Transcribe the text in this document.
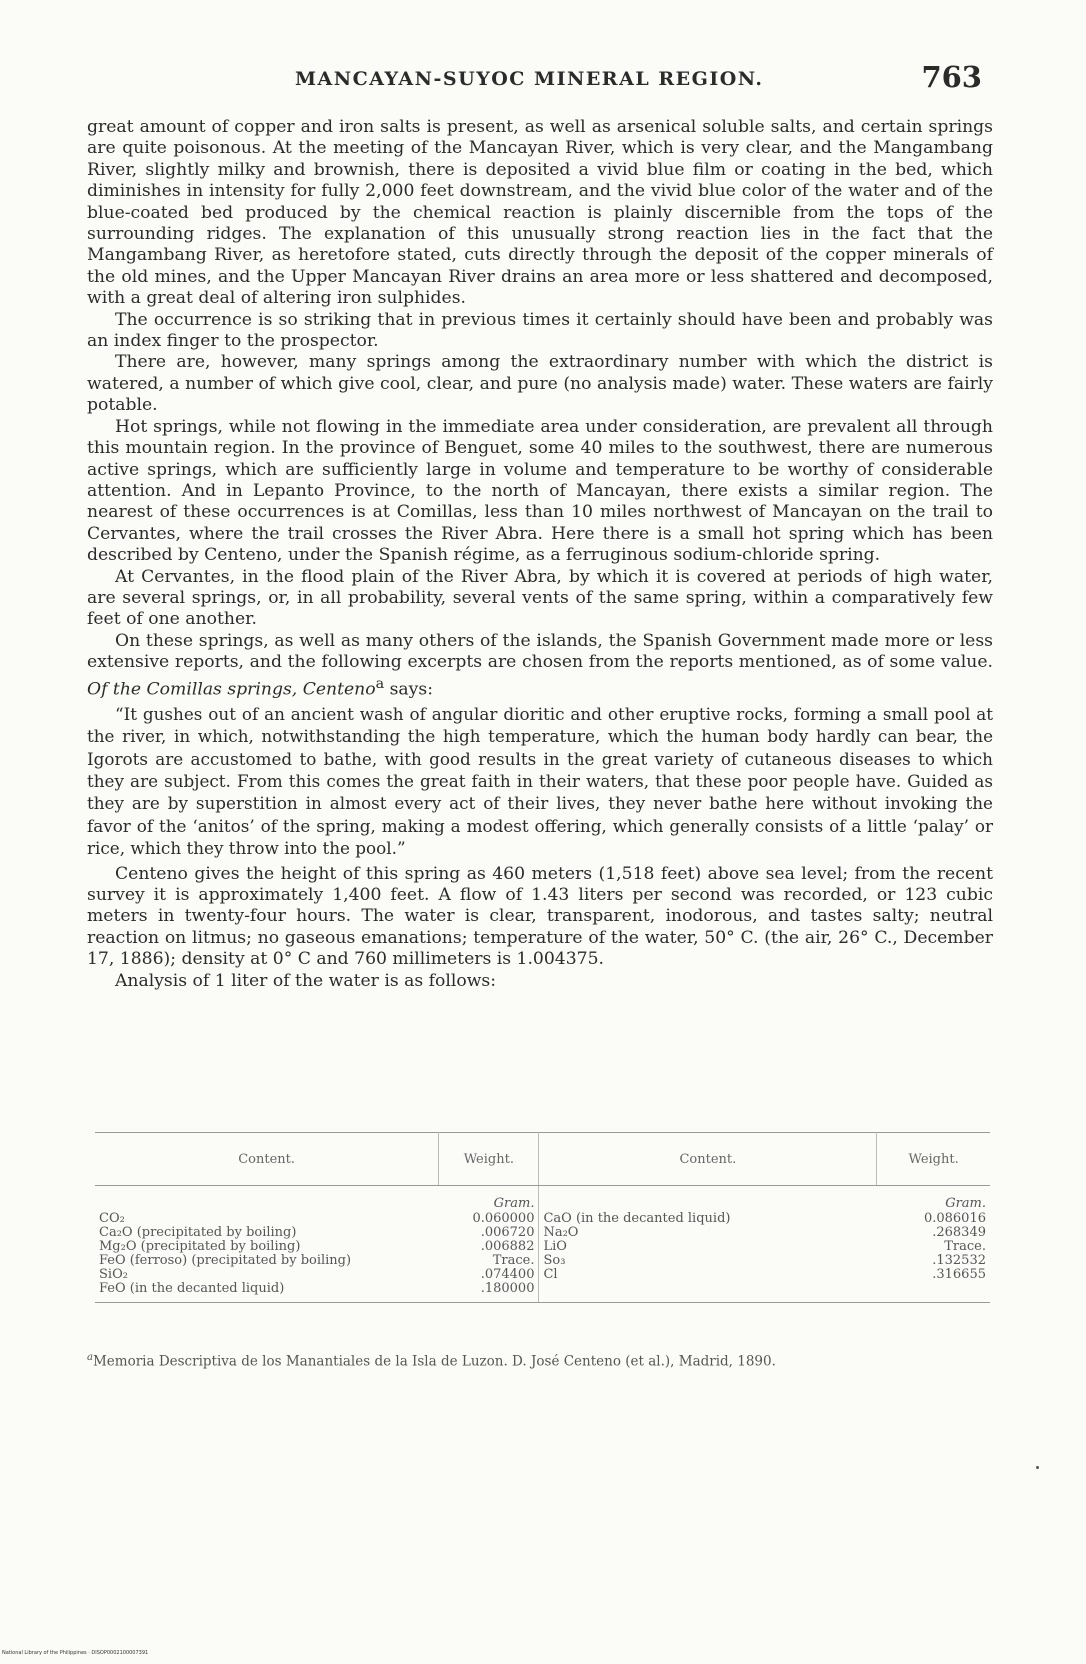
MANCAYAN-SUYOC MINERAL REGION.	763

great amount of copper and iron salts is present, as well as arsenical soluble salts, and certain springs are quite poisonous. At the meeting of the Mancayan River, which is very clear, and the Mangambang River, slightly milky and brownish, there is deposited a vivid blue film or coating in the bed, which diminishes in intensity for fully 2,000 feet downstream, and the vivid blue color of the water and of the blue-coated bed produced by the chemical reaction is plainly discernible from the tops of the surrounding ridges. The explanation of this unusually strong reaction lies in the fact that the Mangambang River, as heretofore stated, cuts directly through the deposit of the copper minerals of the old mines, and the Upper Mancayan River drains an area more or less shattered and decomposed, with a great deal of altering iron sulphides.

The occurrence is so striking that in previous times it certainly should have been and probably was an index finger to the prospector.

There are, however, many springs among the extraordinary number with which the district is watered, a number of which give cool, clear, and pure (no analysis made) water. These waters are fairly potable.

Hot springs, while not flowing in the immediate area under consideration, are prevalent all through this mountain region. In the province of Benguet, some 40 miles to the southwest, there are numerous active springs, which are sufficiently large in volume and temperature to be worthy of considerable attention. And in Lepanto Province, to the north of Mancayan, there exists a similar region. The nearest of these occurrences is at Comillas, less than 10 miles northwest of Mancayan on the trail to Cervantes, where the trail crosses the River Abra. Here there is a small hot spring which has been described by Centeno, under the Spanish régime, as a ferruginous sodium-chloride spring.

At Cervantes, in the flood plain of the River Abra, by which it is covered at periods of high water, are several springs, or, in all probability, several vents of the same spring, within a comparatively few feet of one another.

On these springs, as well as many others of the islands, the Spanish Government made more or less extensive reports, and the following excerpts are chosen from the reports mentioned, as of some value. Of the Comillas springs, Centeno$^a$ says:

“It gushes out of an ancient wash of angular dioritic and other eruptive rocks, forming a small pool at the river, in which, notwithstanding the high temperature, which the human body hardly can bear, the Igorots are accustomed to bathe, with good results in the great variety of cutaneous diseases to which they are subject. From this comes the great faith in their waters, that these poor people have. Guided as they are by superstition in almost every act of their lives, they never bathe here without invoking the favor of the ‘anitos’ of the spring, making a modest offering, which generally consists of a little ‘palay’ or rice, which they throw into the pool.”

Centeno gives the height of this spring as 460 meters (1,518 feet) above sea level; from the recent survey it is approximately 1,400 feet. A flow of 1.43 liters per second was recorded, or 123 cubic meters in twenty-four hours. The water is clear, transparent, inodorous, and tastes salty; neutral reaction on litmus; no gaseous emanations; temperature of the water, 50° C. (the air, 26° C., December 17, 1886); density at 0° C and 760 millimeters is 1.004375.

Analysis of 1 liter of the water is as follows:

Content.	Weight.	Content.	Weight.
	Gram.		Gram.
CO₂	0.060000	CaO (in the decanted liquid)	0.086016
Ca₂O (precipitated by boiling)	.006720	Na₂O	.268349
Mg₂O (precipitated by boiling)	.006882	LiO	Trace.
FeO (ferroso) (precipitated by boiling)	Trace.	So₃	.132532
SiO₂	.074400	Cl	.316655
FeO (in the decanted liquid)	.180000		
$^a$Memoria Descriptiva de los Manantiales de la Isla de Luzon. D. José Centeno (et al.), Madrid, 1890.
National Library of the Philippines · DISOP0002100007391
